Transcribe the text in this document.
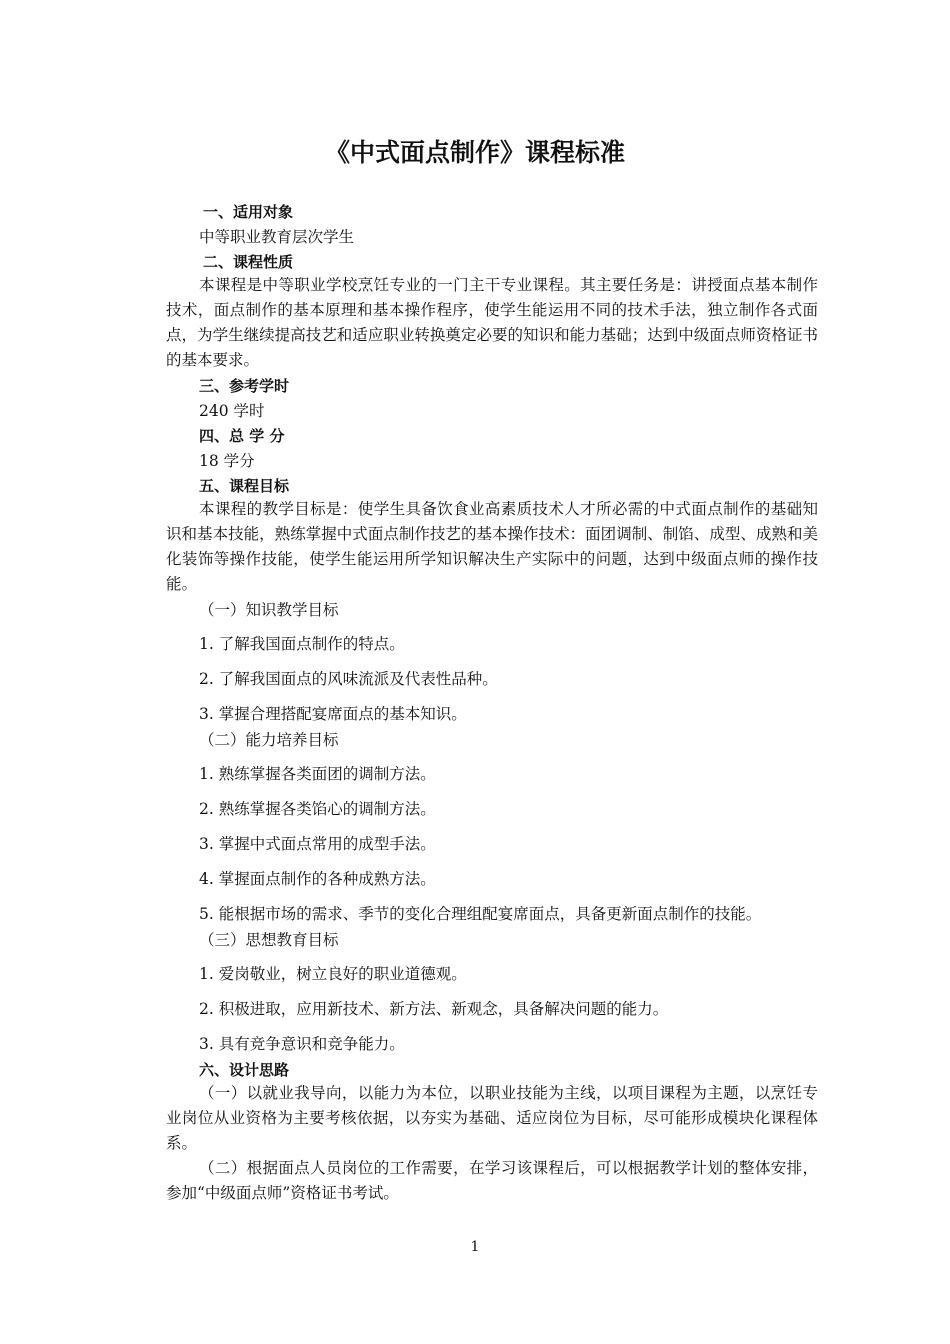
《中式面点制作》课程标准
一、适用对象
中等职业教育层次学生
二、课程性质
本课程是中等职业学校烹饪专业的一门主干专业课程。其主要任务是：讲授面点基本制作技术，面点制作的基本原理和基本操作程序，使学生能运用不同的技术手法，独立制作各式面点，为学生继续提高技艺和适应职业转换奠定必要的知识和能力基础；达到中级面点师资格证书的基本要求。
三、参考学时
240 学时
四、总 学 分
18 学分
五、课程目标
本课程的教学目标是：使学生具备饮食业高素质技术人才所必需的中式面点制作的基础知识和基本技能，熟练掌握中式面点制作技艺的基本操作技术：面团调制、制馅、成型、成熟和美化装饰等操作技能，使学生能运用所学知识解决生产实际中的问题，达到中级面点师的操作技能。
（一）知识教学目标
1. 了解我国面点制作的特点。
2. 了解我国面点的风味流派及代表性品种。
3. 掌握合理搭配宴席面点的基本知识。
（二）能力培养目标
1. 熟练掌握各类面团的调制方法。
2. 熟练掌握各类馅心的调制方法。
3. 掌握中式面点常用的成型手法。
4. 掌握面点制作的各种成熟方法。
5. 能根据市场的需求、季节的变化合理组配宴席面点，具备更新面点制作的技能。
（三）思想教育目标
1. 爱岗敬业，树立良好的职业道德观。
2. 积极进取，应用新技术、新方法、新观念，具备解决问题的能力。
3. 具有竞争意识和竞争能力。
六、设计思路
（一）以就业我导向，以能力为本位，以职业技能为主线，以项目课程为主题，以烹饪专业岗位从业资格为主要考核依据，以夯实为基础、适应岗位为目标，尽可能形成模块化课程体系。
（二）根据面点人员岗位的工作需要，在学习该课程后，可以根据教学计划的整体安排，参加“中级面点师”资格证书考试。
1
